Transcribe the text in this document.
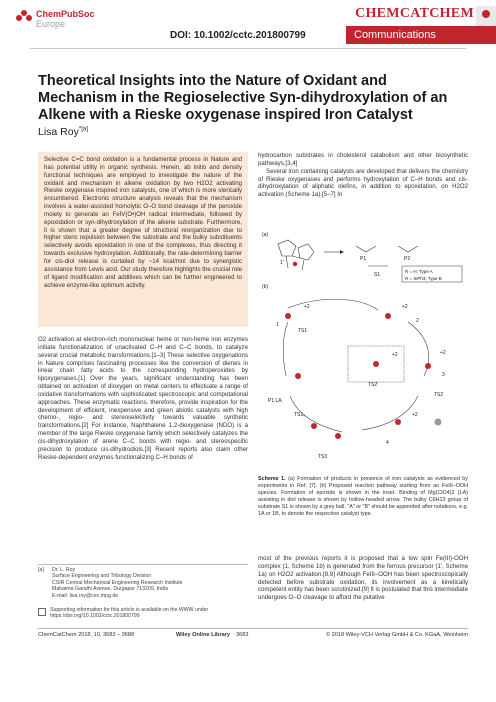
ChemPubSoc
Europe
DOI: 10.1002/cctc.201800799
CHEMCATCHEM
Communications
Theoretical Insights into the Nature of Oxidant and Mechanism in the Regioselective Syn-dihydroxylation of an Alkene with a Rieske oxygenase inspired Iron Catalyst
Lisa Roy$^{*[a]}$
Selective C=C bond oxidation is a fundamental process in Nature and has potential utility in organic synthesis. Herein, ab initio and density functional techniques are employed to investigate the nature of the oxidant and mechanism in alkene oxidation by two H2O2 activating Rieske oxygenase inspired iron catalysts, one of which is more sterically encumbered. Electronic structure analysis reveals that the mechanism involves a water-assisted homolytic O–O bond cleavage of the peroxide moiety to generate an FeIV(O•)OH radical intermediate, followed by epoxidation or syn-dihydroxylation of the alkene substrate. Furthermore, it is shown that a greater degree of structural reorganization due to higher steric repulsion between the substrate and the bulky substituents selectively avoids epoxidation in one of the complexes, thus directing it towards exclusive hydroxylation. Additionally, the rate-determining barrier for cis-diol release is curtailed by ~14 kcal/mol due to synergistic assistance from Lewis acid. Our study therefore highlights the crucial role of ligand modification and additives which can be further engineered to achieve enzyme-like optimum activity.

O2 activation at electron-rich mononuclear heme or non-heme iron enzymes initiate functionalization of unactivated C–H and C–C bonds, to catalyze several crucial metabolic transformations.[1–3] These selective oxygenations in Nature comprises fascinating processes like the conversion of dienes in linear chain fatty acids to the corresponding hydroperoxides by lipoxygenases.[1] Over the years, significant understanding has been obtained on activation of dioxygen on metal centers to effectuate a range of oxidative transformations with sophisticated spectroscopic and computational approaches. These enzymatic reactions, therefore, provide inspiration for the development of efficient, inexpensive and green abiotic catalysts with high chemo-, regio- and stereoselectivity towards valuable synthetic transformations.[2] For instance, Naphthalene 1,2-dioxygenase (NDO) is a member of the large Rieske oxygenase family which selectively catalyzes the cis-dihydroxylation of arene C–C bonds with regio- and stereospecific precision to produce cis-dihydrodiols.[3] Recent reports also claim other Rieske-dependent enzymes functionalizing C–H bonds of

hydrocarbon substrates in cholesterol catabolism and other biosynthetic pathways.[3,4]

Several iron containing catalysts are developed that delivers the chemistry of Rieske oxygenases and performs hydroxylation of C–H bonds and cis-dihydroxylation of aliphatic olefins, in addition to epoxidation, on H2O2 activation (Scheme 1a).[5–7] In

(a)
(b)
P1	P2
S1
R = H; Type A
R = SiPh3; Type B
TS1
TS2
TS3
TS1ₓ
TS2'
P1.LA
1
2
3
4
1'
+2	+2
+2
+2
+2
Scheme 1. (a) Formation of products in presence of iron catalysts as evidenced by experiments in Ref. [7]. (b) Proposed reaction pathway starting from an FeIII–OOH species. Formation of epoxide is shown in the inset. Binding of Mg(ClO4)2 (LA) assisting in diol release is shown by hollow-headed arrow. The bulky C6H13 group of substrate S1 is shown by a grey ball. "A" or "B" should be appended after notations, e.g. 1A or 1B, to denote the respective catalyst type.

most of the previous reports it is proposed that a low spin Fe(III)-OOH complex (1, Scheme 1b) is generated from the ferrous precursor (1', Scheme 1a) on H2O2 activation.[8,9] Although FeIII–OOH has been spectroscopically detected before substrate oxidation, its involvement as a kinetically competent entity has been scrutinized.[9] It is postulated that this intermediate undergoes O–O cleavage to afford the putative

[a] Dr. L. Roy
Surface Engineering and Tribology Division
CSIR Central Mechanical Engineering Research Institute
Mahatma Gandhi Avenue, Durgapur 713209, India
E-mail: lisa.roy@cec.mpg.de
Supporting information for this article is available on the WWW under https://doi.org/10.1002/cctc.201800799
ChemCatChem 2018, 10, 3683 – 3688	Wiley Online Library 3683	© 2018 Wiley-VCH Verlag GmbH & Co. KGaA, Weinheim
